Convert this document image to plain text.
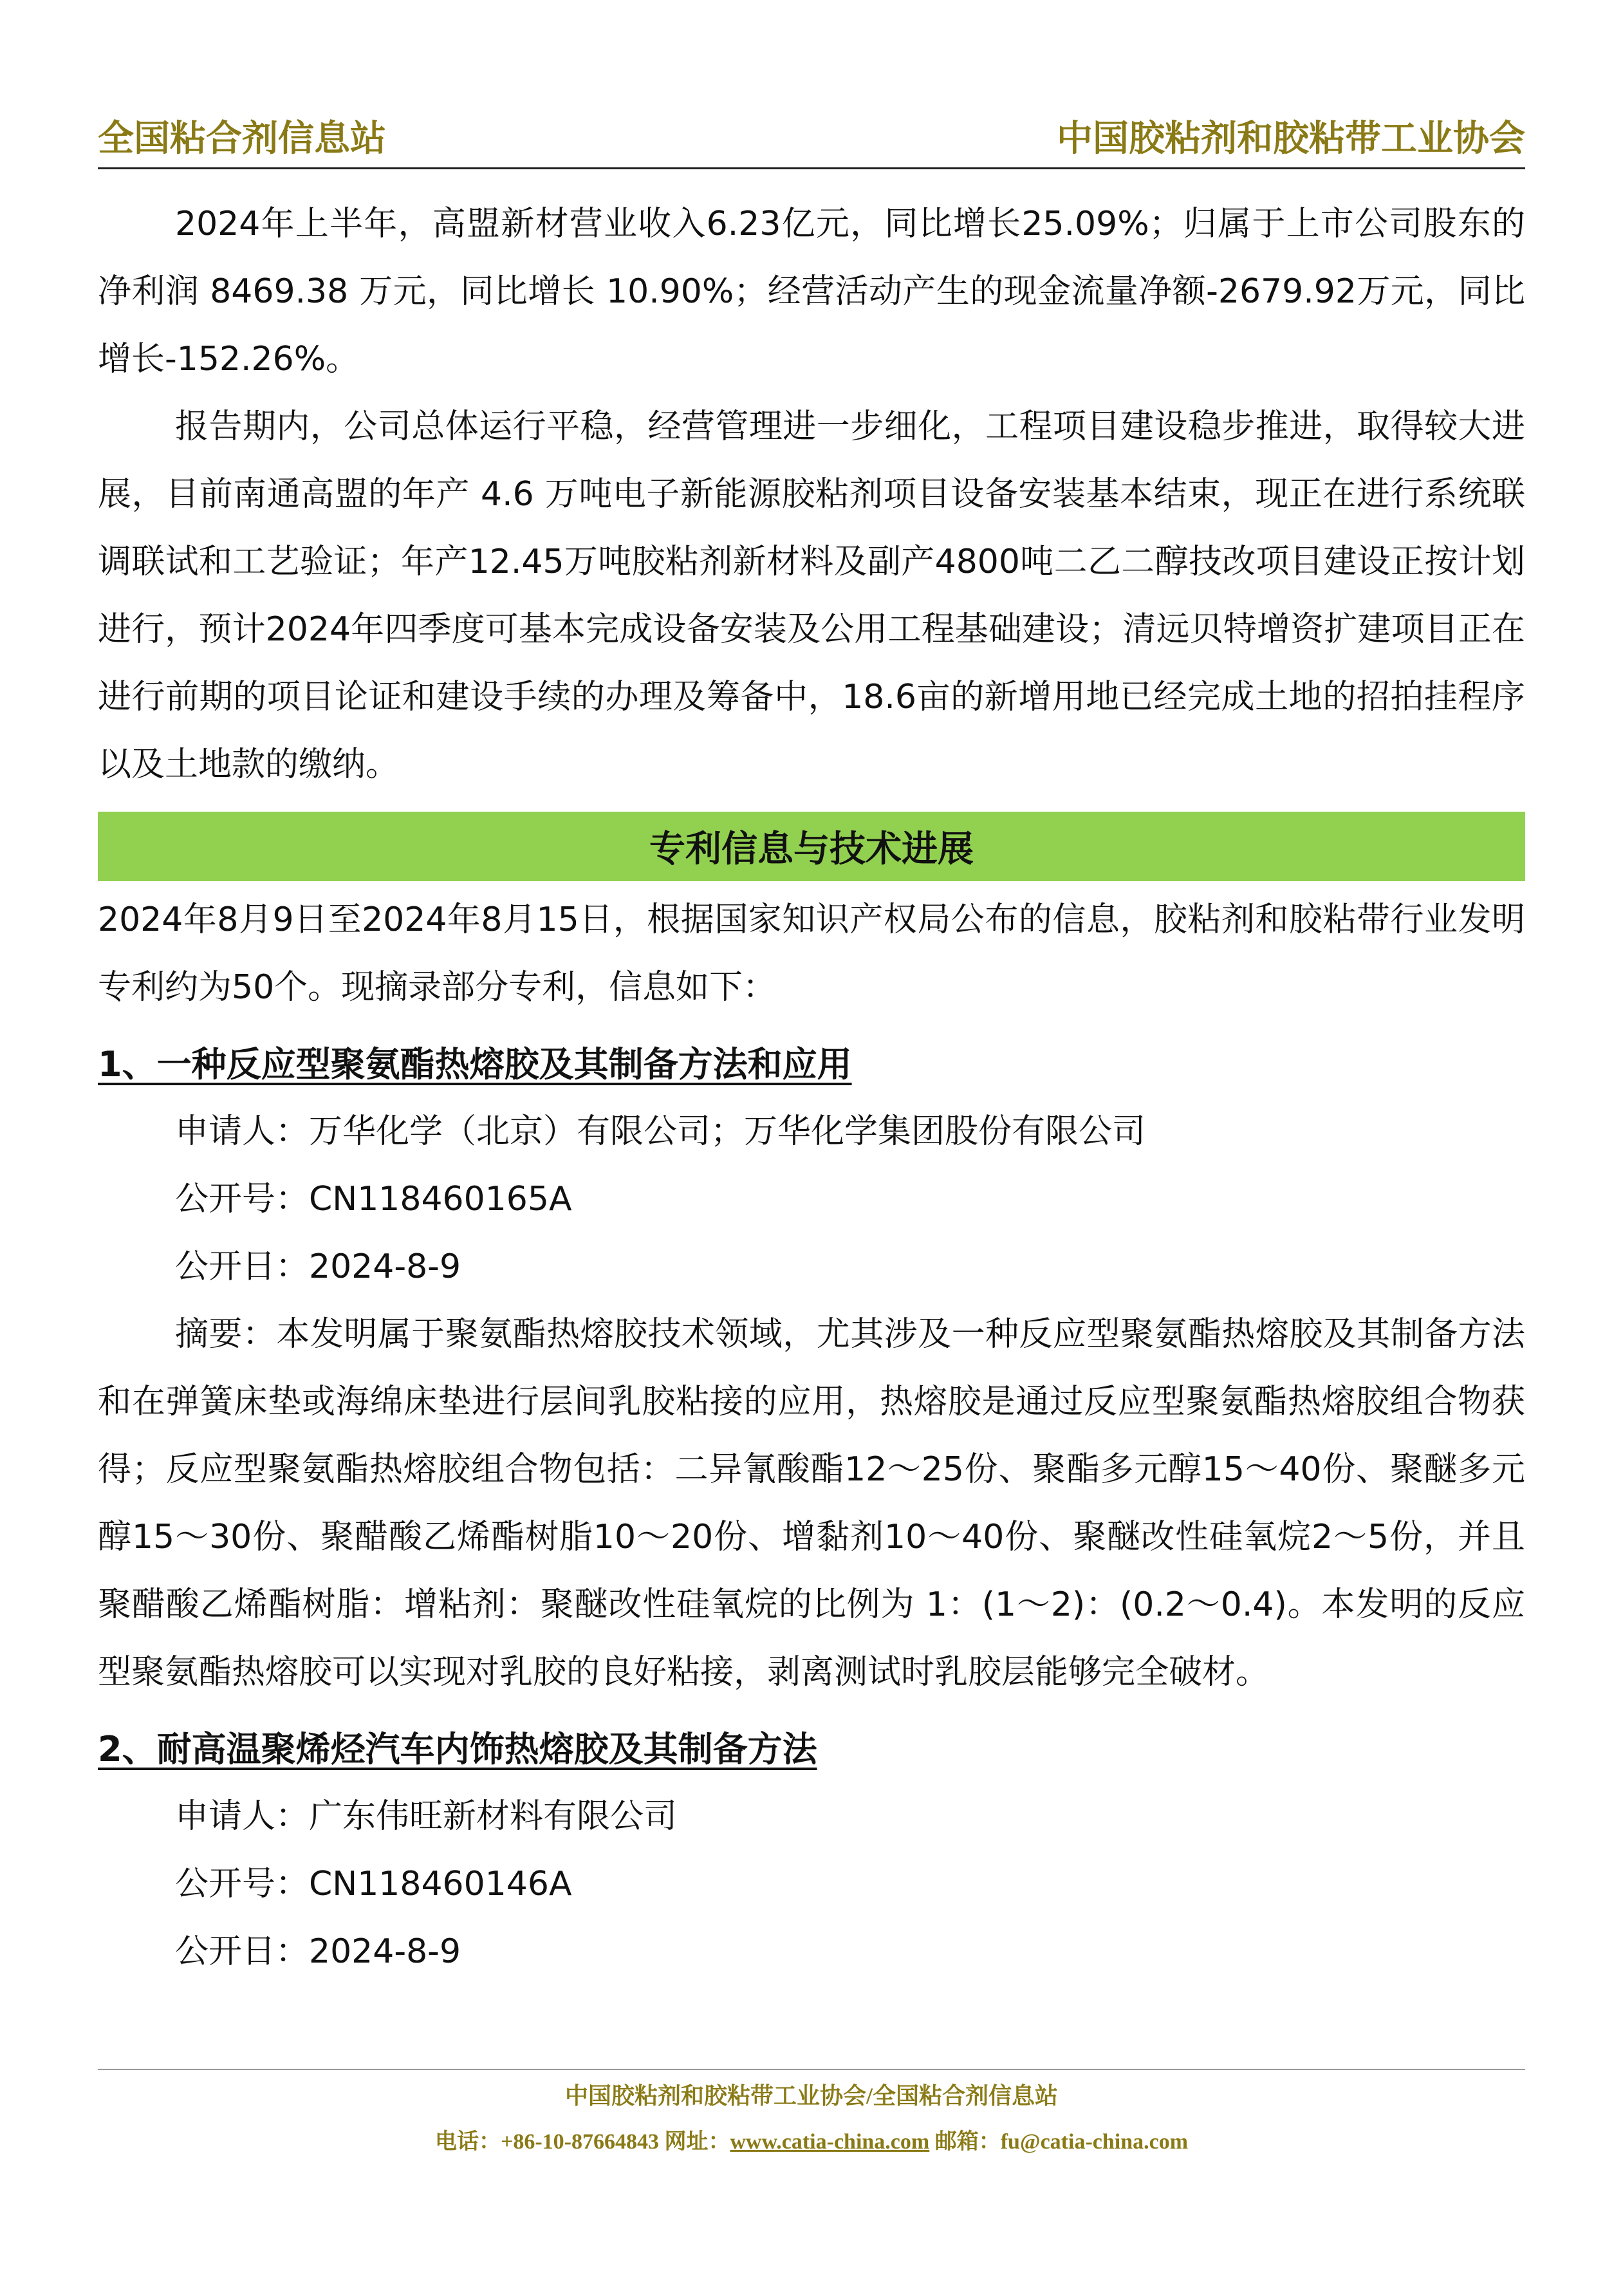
全国粘合剂信息站	中国胶粘剂和胶粘带工业协会

2024年上半年，高盟新材营业收入6.23亿元，同比增长25.09%；归属于上市公司股东的净利润 8469.38 万元，同比增长 10.90%；经营活动产生的现金流量净额-2679.92万元，同比增长-152.26%。

报告期内，公司总体运行平稳，经营管理进一步细化，工程项目建设稳步推进，取得较大进展，目前南通高盟的年产 4.6 万吨电子新能源胶粘剂项目设备安装基本结束，现正在进行系统联调联试和工艺验证；年产12.45万吨胶粘剂新材料及副产4800吨二乙二醇技改项目建设正按计划进行，预计2024年四季度可基本完成设备安装及公用工程基础建设；清远贝特增资扩建项目正在进行前期的项目论证和建设手续的办理及筹备中，18.6亩的新增用地已经完成土地的招拍挂程序以及土地款的缴纳。

专利信息与技术进展

2024年8月9日至2024年8月15日，根据国家知识产权局公布的信息，胶粘剂和胶粘带行业发明专利约为50个。现摘录部分专利，信息如下：

1、一种反应型聚氨酯热熔胶及其制备方法和应用
申请人：万华化学（北京）有限公司；万华化学集团股份有限公司
公开号：CN118460165A
公开日：2024-8-9

摘要：本发明属于聚氨酯热熔胶技术领域，尤其涉及一种反应型聚氨酯热熔胶及其制备方法和在弹簧床垫或海绵床垫进行层间乳胶粘接的应用，热熔胶是通过反应型聚氨酯热熔胶组合物获得；反应型聚氨酯热熔胶组合物包括：二异氰酸酯12～25份、聚酯多元醇15～40份、聚醚多元醇15～30份、聚醋酸乙烯酯树脂10～20份、增黏剂10～40份、聚醚改性硅氧烷2～5份，并且聚醋酸乙烯酯树脂：增粘剂：聚醚改性硅氧烷的比例为 1：(1～2)：(0.2～0.4)。本发明的反应型聚氨酯热熔胶可以实现对乳胶的良好粘接，剥离测试时乳胶层能够完全破材。

2、耐高温聚烯烃汽车内饰热熔胶及其制备方法
申请人：广东伟旺新材料有限公司
公开号：CN118460146A
公开日：2024-8-9
中国胶粘剂和胶粘带工业协会/全国粘合剂信息站
电话：+86-10-87664843 网址：www.catia-china.com 邮箱：fu@catia-china.com
